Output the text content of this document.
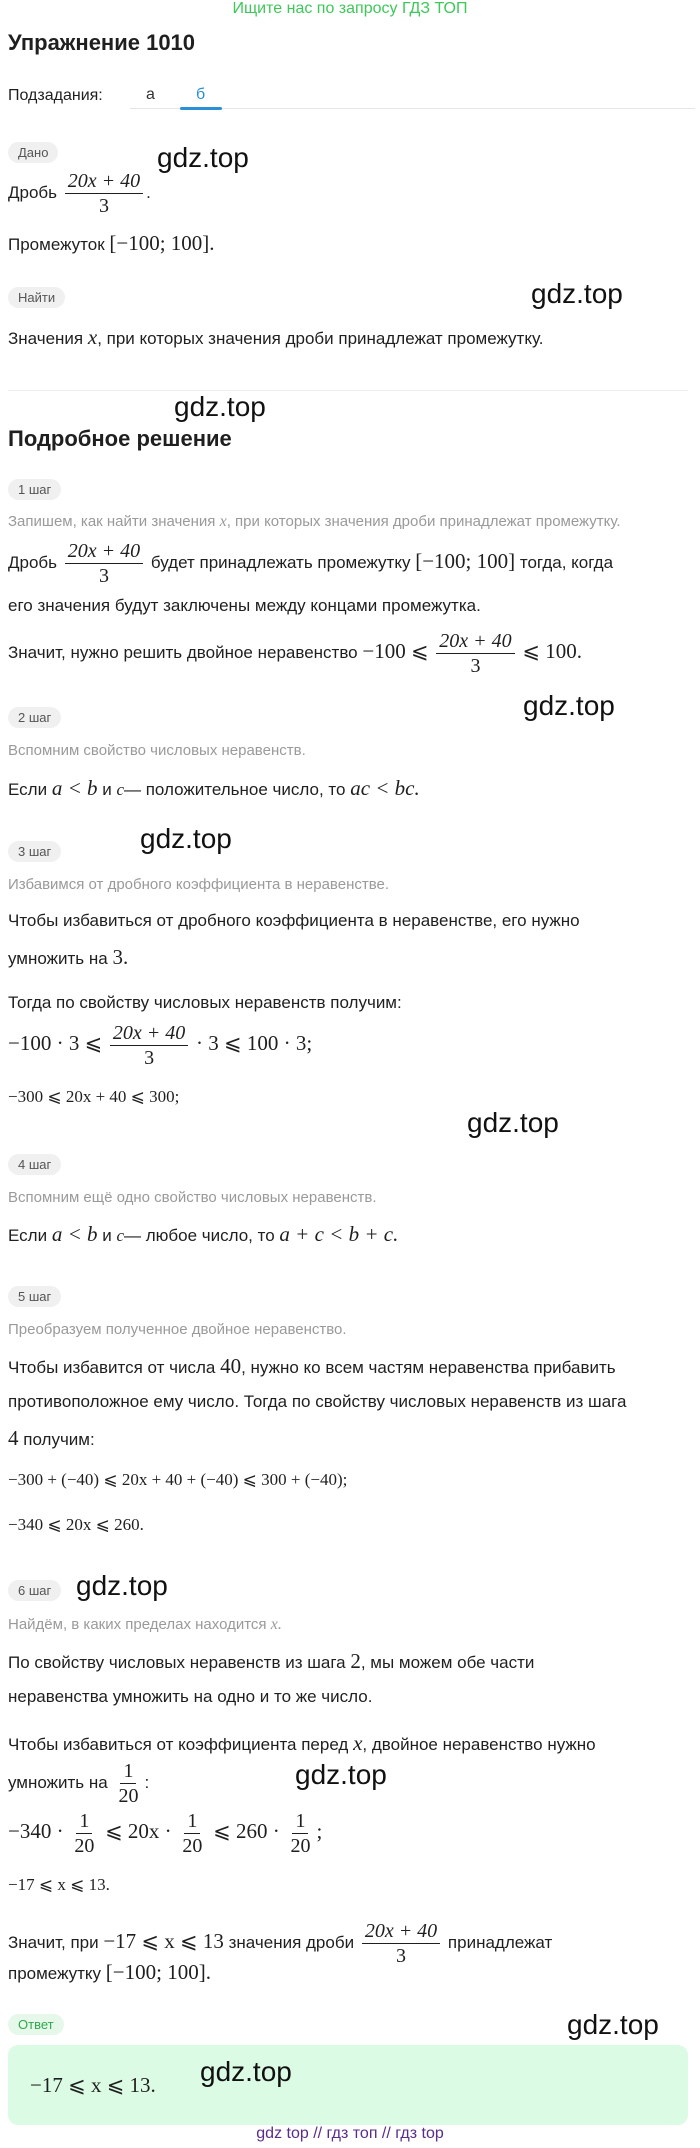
Ищите нас по запросу ГДЗ ТОП
Упражнение 1010
Подзадания:	а	б
Дано
Дробь $\frac{20x + 40}{3}$ .
Промежуток [−100; 100].
Найти
Значения x, при которых значения дроби принадлежат промежутку.
Подробное решение
1 шаг
Запишем, как найти значения x, при которых значения дроби принадлежат промежутку.
Дробь $\frac{20x + 40}{3}$ будет принадлежать промежутку [−100; 100] тогда, когда
его значения будут заключены между концами промежутка.
Значит, нужно решить двойное неравенство −100 ⩽ $\frac{20x + 40}{3}$ ⩽ 100.
2 шаг
Вспомним свойство числовых неравенств.
Если a < b и c— положительное число, то ac < bc.
3 шаг
Избавимся от дробного коэффициента в неравенстве.
Чтобы избавиться от дробного коэффициента в неравенстве, его нужно
умножить на 3.
Тогда по свойству числовых неравенств получим:
−100 · 3 ⩽ $\frac{20x + 40}{3} \cdot 3$ ⩽ 100 · 3;
−300 ⩽ 20x + 40 ⩽ 300;
4 шаг
Вспомним ещё одно свойство числовых неравенств.
Если a < b и c— любое число, то a + c < b + c.
5 шаг
Преобразуем полученное двойное неравенство.
Чтобы избавится от числа 40, нужно ко всем частям неравенства прибавить
противоположное ему число. Тогда по свойству числовых неравенств из шага
4 получим:
−300 + (−40) ⩽ 20x + 40 + (−40) ⩽ 300 + (−40);
−340 ⩽ 20x ⩽ 260.
6 шаг
Найдём, в каких пределах находится x.
По свойству числовых неравенств из шага 2, мы можем обе части
неравенства умножить на одно и то же число.
Чтобы избавиться от коэффициента перед x, двойное неравенство нужно
умножить на $\frac{1}{20}$ :
$-340 \cdot \frac{1}{20}$ ⩽ $20x \cdot \frac{1}{20}$ ⩽ $260 \cdot \frac{1}{20}$ ;
−17 ⩽ x ⩽ 13.
Значит, при −17 ⩽ x ⩽ 13 значения дроби $\frac{20x + 40}{3}$ принадлежат
промежутку [−100; 100].
Ответ
−17 ⩽ x ⩽ 13.
gdz.top
gdz.top
gdz.top
gdz.top
gdz.top
gdz.top
gdz.top
gdz.top
gdz.top
gdz.top
gdz top // гдз топ // гдз top
